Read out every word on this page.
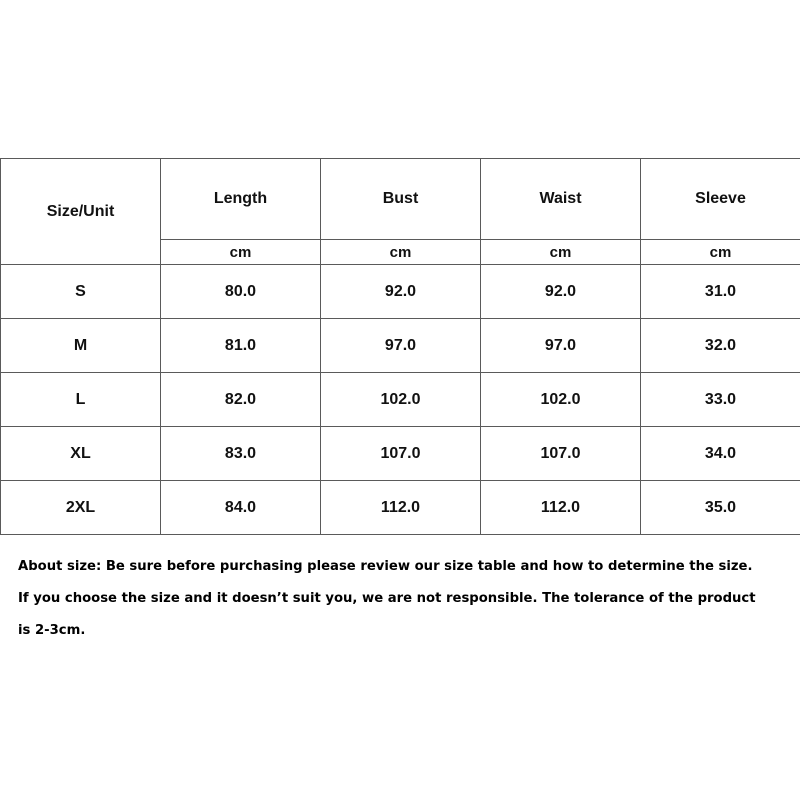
Size/Unit	Length	Bust	Waist	Sleeve
	cm	cm	cm	cm
S	80.0	92.0	92.0	31.0
M	81.0	97.0	97.0	32.0
L	82.0	102.0	102.0	33.0
XL	83.0	107.0	107.0	34.0
2XL	84.0	112.0	112.0	35.0

About size: Be sure before purchasing please review our size table and how to determine the size.

If you choose the size and it doesn’t suit you, we are not responsible. The tolerance of the product

is 2-3cm.
